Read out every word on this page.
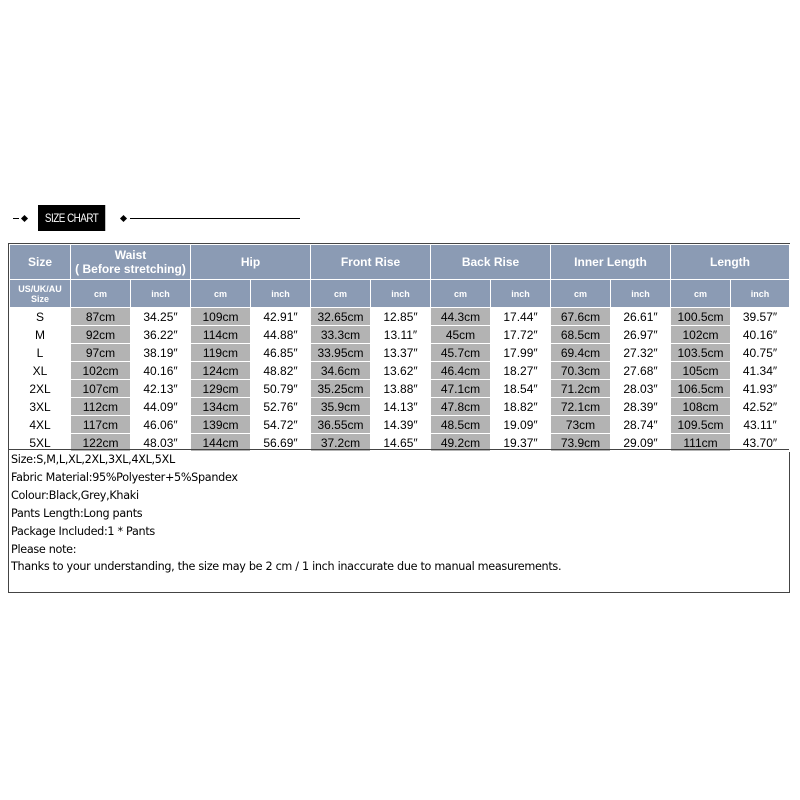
SIZE CHART
Size	Waist
( Before stretching)		Hip		Front Rise		Back Rise		Inner Length		Length	

US/UK/AU
Size	cm	inch	cm	inch	cm	inch	cm	inch	cm	inch	cm	inch
S	87cm	34.25″	109cm	42.91″	32.65cm	12.85″	44.3cm	17.44″	67.6cm	26.61″	100.5cm	39.57″
M	92cm	36.22″	114cm	44.88″	33.3cm	13.11″	45cm	17.72″	68.5cm	26.97″	102cm	40.16″
L	97cm	38.19″	119cm	46.85″	33.95cm	13.37″	45.7cm	17.99″	69.4cm	27.32″	103.5cm	40.75″
XL	102cm	40.16″	124cm	48.82″	34.6cm	13.62″	46.4cm	18.27″	70.3cm	27.68″	105cm	41.34″
2XL	107cm	42.13″	129cm	50.79″	35.25cm	13.88″	47.1cm	18.54″	71.2cm	28.03″	106.5cm	41.93″
3XL	112cm	44.09″	134cm	52.76″	35.9cm	14.13″	47.8cm	18.82″	72.1cm	28.39″	108cm	42.52″
4XL	117cm	46.06″	139cm	54.72″	36.55cm	14.39″	48.5cm	19.09″	73cm	28.74″	109.5cm	43.11″
5XL	122cm	48.03″	144cm	56.69″	37.2cm	14.65″	49.2cm	19.37″	73.9cm	29.09″	111cm	43.70″
Size:S,M,L,XL,2XL,3XL,4XL,5XL
Fabric Material:95%Polyester+5%Spandex
Colour:Black,Grey,Khaki
Pants Length:Long pants
Package Included:1 * Pants
Please note:
Thanks to your understanding, the size may be 2 cm / 1 inch inaccurate due to manual measurements.
